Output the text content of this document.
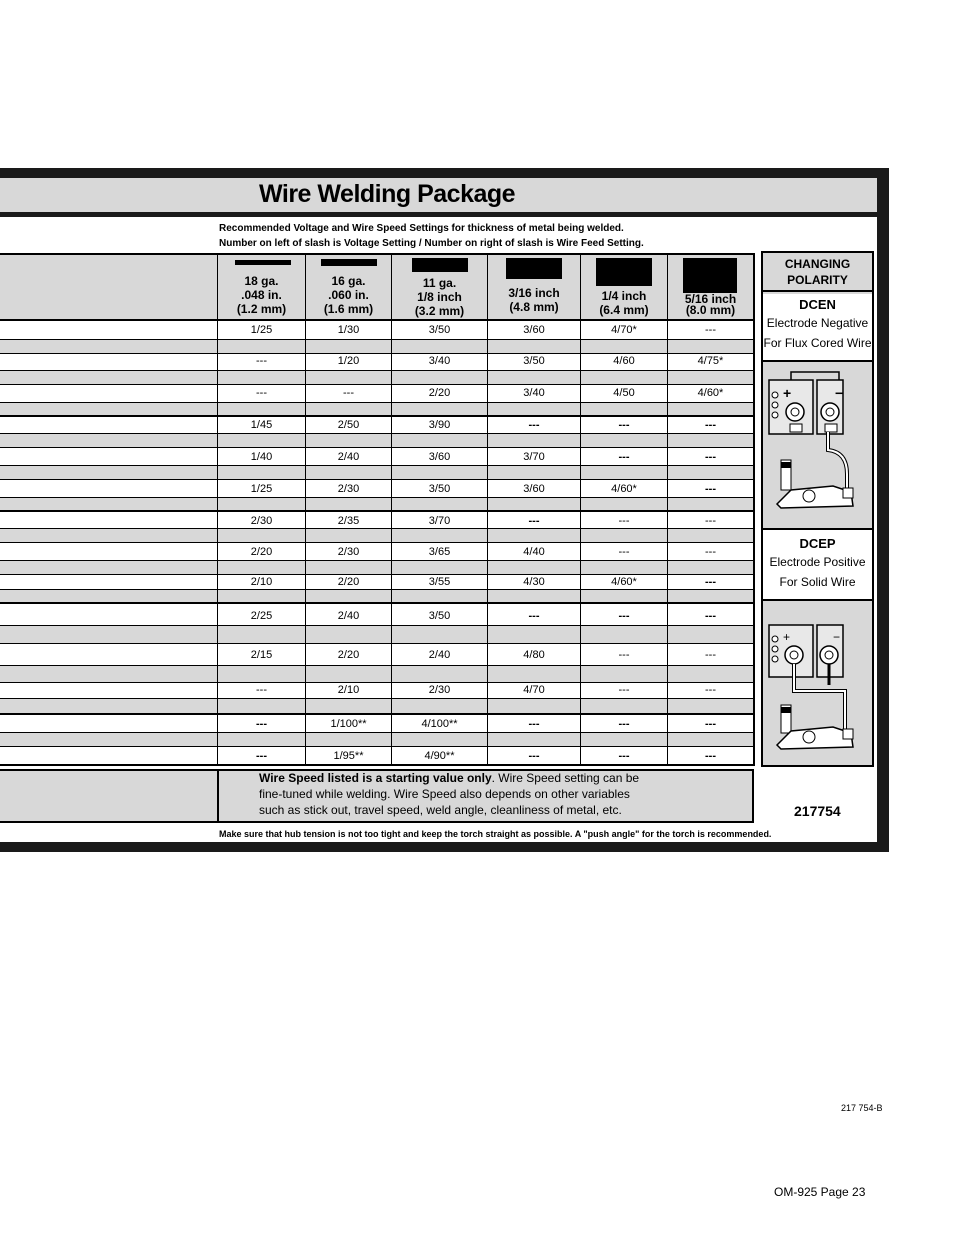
Wire Welding Package
Recommended Voltage and Wire Speed Settings for thickness of metal being welded.
Number on left of slash is Voltage Setting / Number on right of slash is Wire Feed Setting.
18 ga.
.048 in.
(1.2 mm)
16 ga.
.060 in.
(1.6 mm)
11 ga.
1/8 inch
(3.2 mm)
3/16 inch
(4.8 mm)
1/4 inch
(6.4 mm)
5/16 inch
(8.0 mm)
1/25	1/30	3/50	3/60	4/70*	---
---	1/20	3/40	3/50	4/60	4/75*
---	---	2/20	3/40	4/50	4/60*
1/45	2/50	3/90	---	---	---
1/40	2/40	3/60	3/70	---	---
1/25	2/30	3/50	3/60	4/60*	---
2/30	2/35	3/70	---	---	---
2/20	2/30	3/65	4/40	---	---
2/10	2/20	3/55	4/30	4/60*	---
2/25	2/40	3/50	---	---	---
2/15	2/20	2/40	4/80	---	---
---	2/10	2/30	4/70	---	---
---	1/100**	4/100**	---	---	---
---	1/95**	4/90**	---	---	---
Wire Speed listed is a starting value only. Wire Speed setting can be
fine-tuned while welding. Wire Speed also depends on other variables
such as stick out, travel speed, weld angle, cleanliness of metal, etc.	217754
Make sure that hub tension is not too tight and keep the torch straight as possible. A "push angle" for the torch is recommended.
CHANGING
POLARITY
DCEN
Electrode Negative
For Flux Cored Wire
+	−
DCEP
Electrode Positive
For Solid Wire
+	−
217 754-B
OM-925 Page 23
